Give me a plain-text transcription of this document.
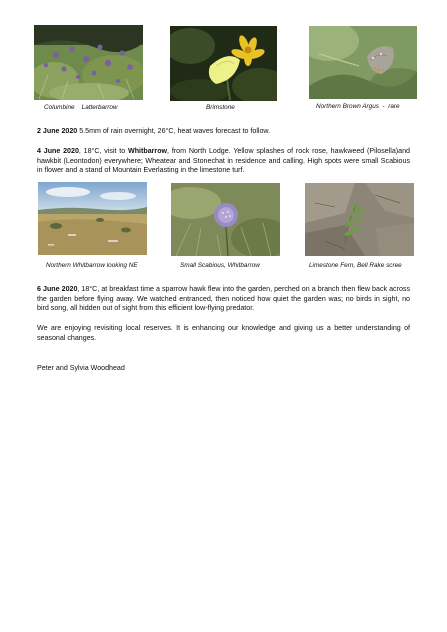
Columbine    Latterbarrow	Brimstone	Northern Brown Argus  -  rare

2 June 2020 5.5mm of rain overnight, 26°C, heat waves forecast to follow.

4 June 2020, 18°C, visit to Whitbarrow, from North Lodge. Yellow splashes of rock rose, hawkweed (Pilosella)and hawkbit (Leontodon) everywhere; Wheatear and Stonechat in residence and calling. High spots were small Scabious in flower and a stand of Mountain Everlasting in the limestone turf.

Northern Whitbarrow looking NE	Small Scabious, Whitbarrow	Limestone Fern, Bell Rake scree

6 June 2020, 18°C, at breakfast time a sparrow hawk flew into the garden, perched on a branch then flew back across the garden before flying away. We watched entranced, then noticed how quiet the garden was; no birds in sight, no bird song, all hidden out of sight from this efficient low-flying predator.

We are enjoying revisiting local reserves. It is enhancing our knowledge and giving us a better understanding of seasonal changes.

Peter and Sylvia Woodhead
